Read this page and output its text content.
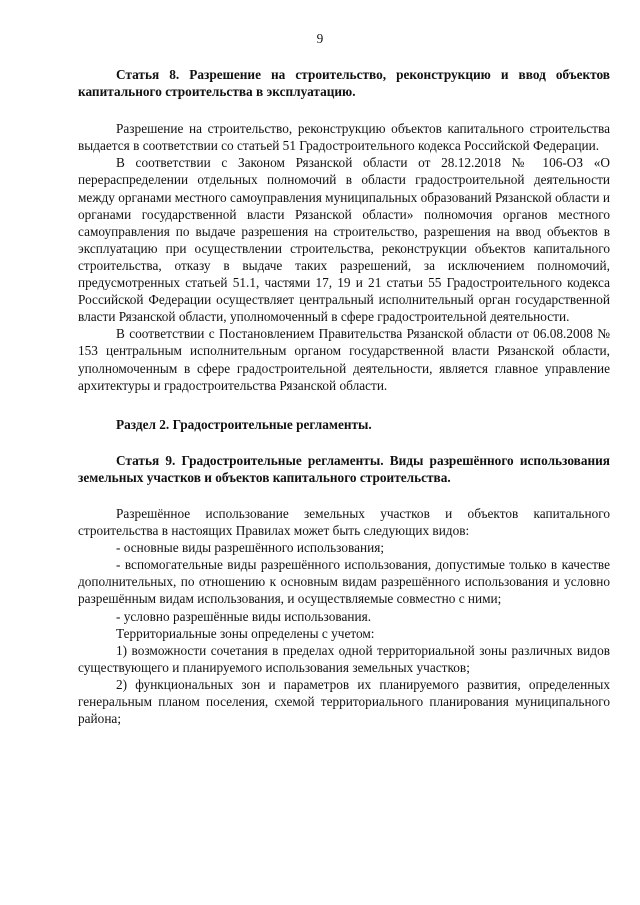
9

Статья 8. Разрешение на строительство, реконструкцию и ввод объектов капитального строительства в эксплуатацию.

Разрешение на строительство, реконструкцию объектов капитального строительства выдается в соответствии со статьей 51 Градостроительного кодекса Российской Федерации.

В соответствии с Законом Рязанской области от 28.12.2018 № 106-ОЗ «О перераспределении отдельных полномочий в области градостроительной деятельности между органами местного самоуправления муниципальных образований Рязанской области и органами государственной власти Рязанской области» полномочия органов местного самоуправления по выдаче разрешения на строительство, разрешения на ввод объектов в эксплуатацию при осуществлении строительства, реконструкции объектов капитального строительства, отказу в выдаче таких разрешений, за исключением полномочий, предусмотренных статьей 51.1, частями 17, 19 и 21 статьи 55 Градостроительного кодекса Российской Федерации осуществляет центральный исполнительный орган государственной власти Рязанской области, уполномоченный в сфере градостроительной деятельности.

В соответствии с Постановлением Правительства Рязанской области от 06.08.2008 № 153 центральным исполнительным органом государственной власти Рязанской области, уполномоченным в сфере градостроительной деятельности, является главное управление архитектуры и градостроительства Рязанской области.

Раздел 2. Градостроительные регламенты.

Статья 9. Градостроительные регламенты. Виды разрешённого использования земельных участков и объектов капитального строительства.

Разрешённое использование земельных участков и объектов капитального строительства в настоящих Правилах может быть следующих видов:

- основные виды разрешённого использования;

- вспомогательные виды разрешённого использования, допустимые только в качестве дополнительных, по отношению к основным видам разрешённого использования и условно разрешённым видам использования, и осуществляемые совместно с ними;

- условно разрешённые виды использования.

Территориальные зоны определены с учетом:

1) возможности сочетания в пределах одной территориальной зоны различных видов существующего и планируемого использования земельных участков;

2) функциональных зон и параметров их планируемого развития, определенных генеральным планом поселения, схемой территориального планирования муниципального района;
